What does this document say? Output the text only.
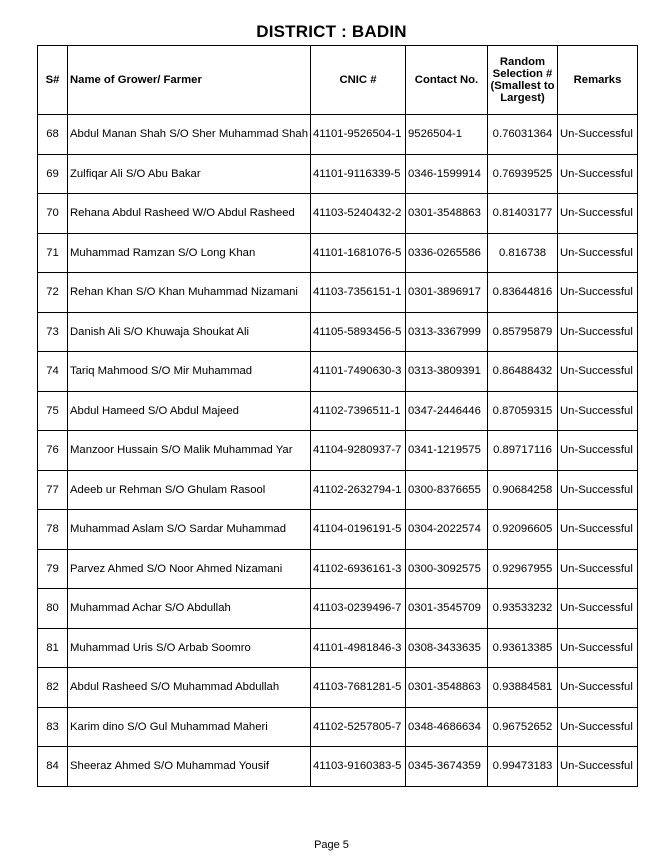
DISTRICT : BADIN
S#	Name of Grower/ Farmer	CNIC #	Contact No.	Random Selection # (Smallest to Largest)	Remarks
68	Abdul Manan Shah S/O Sher Muhammad Shah	41101-9526504-1	9526504-1	0.76031364	Un-Successful
69	Zulfiqar Ali S/O Abu Bakar	41101-9116339-5	0346-1599914	0.76939525	Un-Successful
70	Rehana Abdul Rasheed W/O Abdul Rasheed	41103-5240432-2	0301-3548863	0.81403177	Un-Successful
71	Muhammad Ramzan S/O Long Khan	41101-1681076-5	0336-0265586	0.816738	Un-Successful
72	Rehan Khan S/O Khan Muhammad Nizamani	41103-7356151-1	0301-3896917	0.83644816	Un-Successful
73	Danish Ali S/O Khuwaja Shoukat Ali	41105-5893456-5	0313-3367999	0.85795879	Un-Successful
74	Tariq Mahmood S/O Mir Muhammad	41101-7490630-3	0313-3809391	0.86488432	Un-Successful
75	Abdul Hameed S/O Abdul Majeed	41102-7396511-1	0347-2446446	0.87059315	Un-Successful
76	Manzoor Hussain S/O Malik Muhammad Yar	41104-9280937-7	0341-1219575	0.89717116	Un-Successful
77	Adeeb ur Rehman S/O Ghulam Rasool	41102-2632794-1	0300-8376655	0.90684258	Un-Successful
78	Muhammad Aslam S/O Sardar Muhammad	41104-0196191-5	0304-2022574	0.92096605	Un-Successful
79	Parvez Ahmed S/O Noor Ahmed Nizamani	41102-6936161-3	0300-3092575	0.92967955	Un-Successful
80	Muhammad Achar S/O Abdullah	41103-0239496-7	0301-3545709	0.93533232	Un-Successful
81	Muhammad Uris S/O Arbab Soomro	41101-4981846-3	0308-3433635	0.93613385	Un-Successful
82	Abdul Rasheed S/O Muhammad Abdullah	41103-7681281-5	0301-3548863	0.93884581	Un-Successful
83	Karim dino S/O Gul Muhammad Maheri	41102-5257805-7	0348-4686634	0.96752652	Un-Successful
84	Sheeraz Ahmed S/O Muhammad Yousif	41103-9160383-5	0345-3674359	0.99473183	Un-Successful
Page 5
